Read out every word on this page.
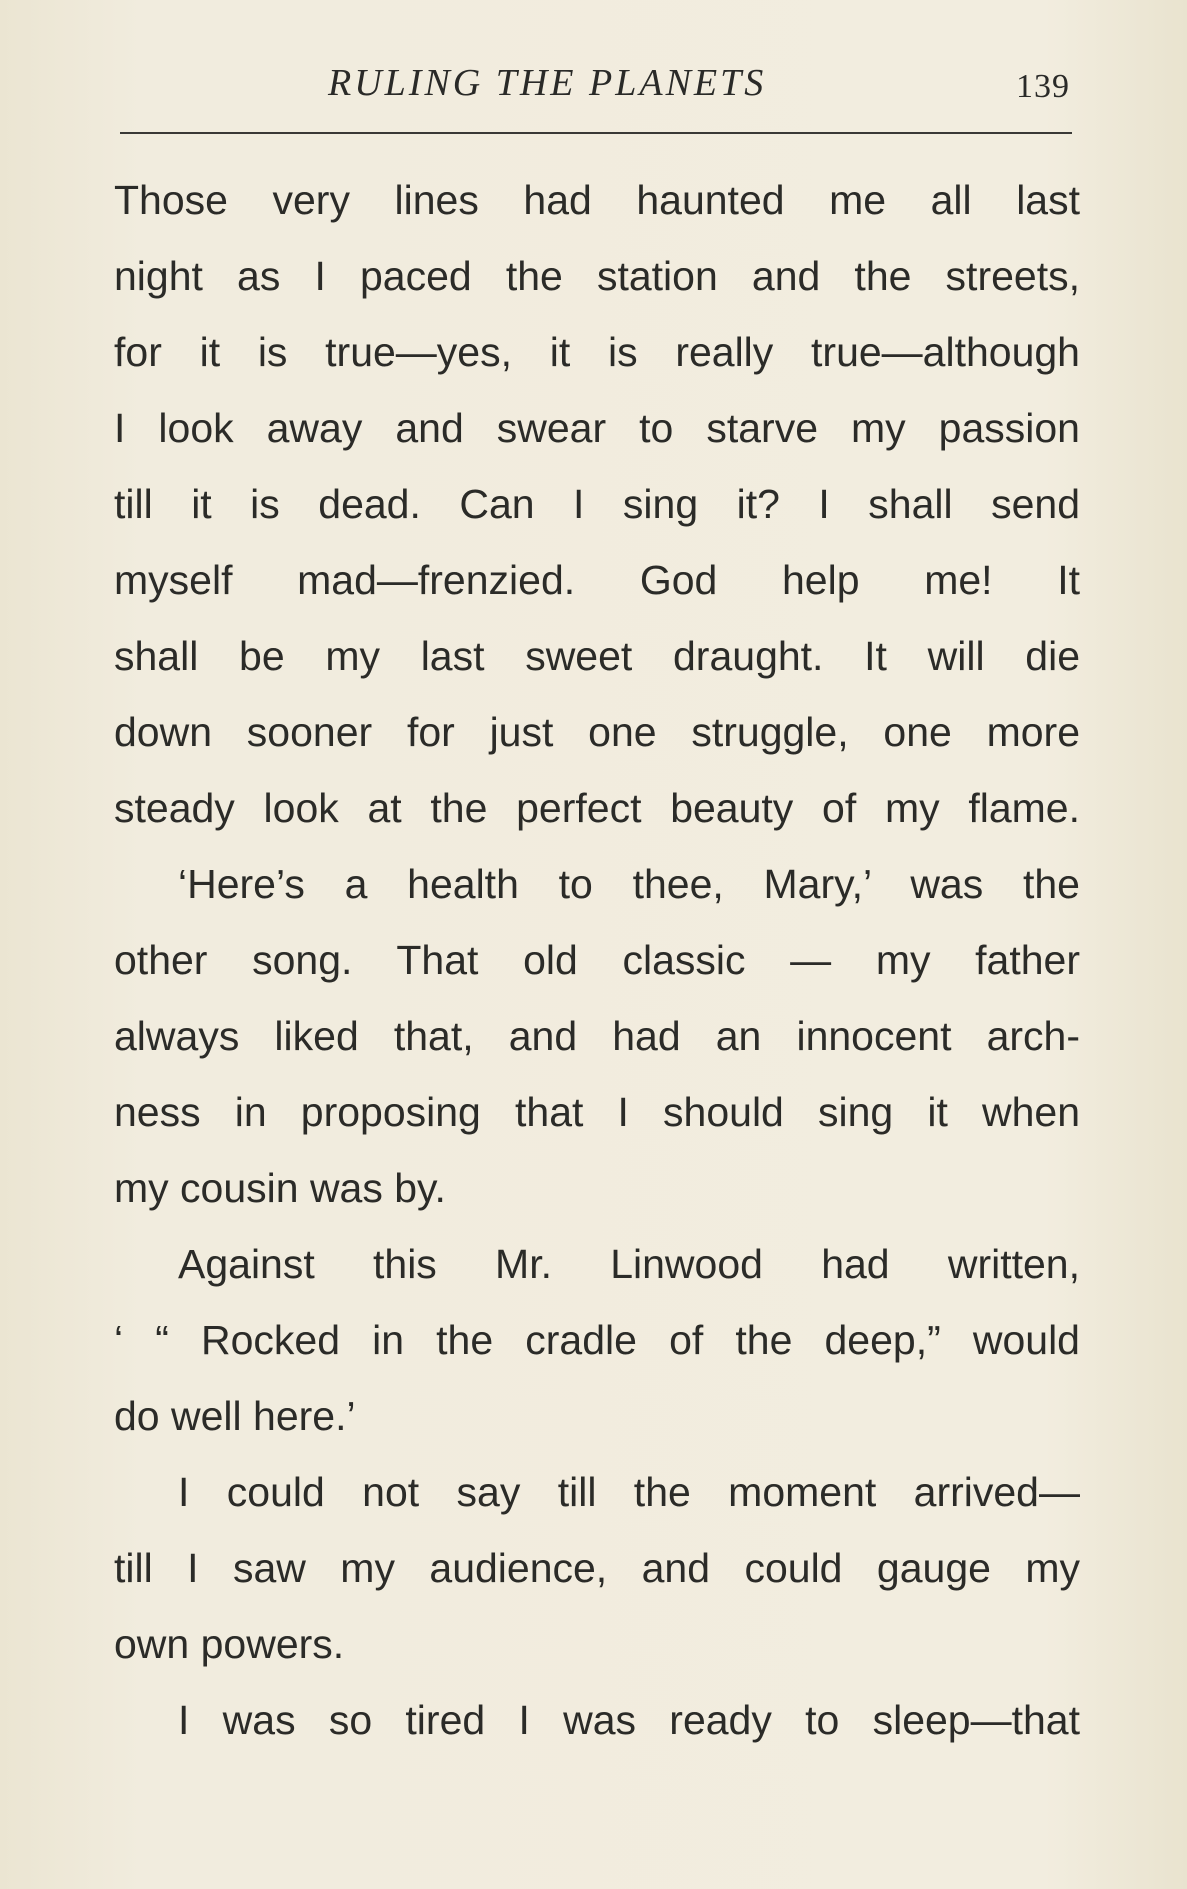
RULING THE PLANETS	139
Those very lines had haunted me all last
night as I paced the station and the streets,
for it is true—yes, it is really true—although
I look away and swear to starve my passion
till it is dead. Can I sing it? I shall send
myself mad—frenzied. God help me! It
shall be my last sweet draught. It will die
down sooner for just one struggle, one more
steady look at the perfect beauty of my flame.
‘Here’s a health to thee, Mary,’ was the
other song. That old classic — my father
always liked that, and had an innocent arch-
ness in proposing that I should sing it when
my cousin was by.
Against this Mr. Linwood had written,
‘ “ Rocked in the cradle of the deep,” would
do well here.’
I could not say till the moment arrived—
till I saw my audience, and could gauge my
own powers.
I was so tired I was ready to sleep—that
